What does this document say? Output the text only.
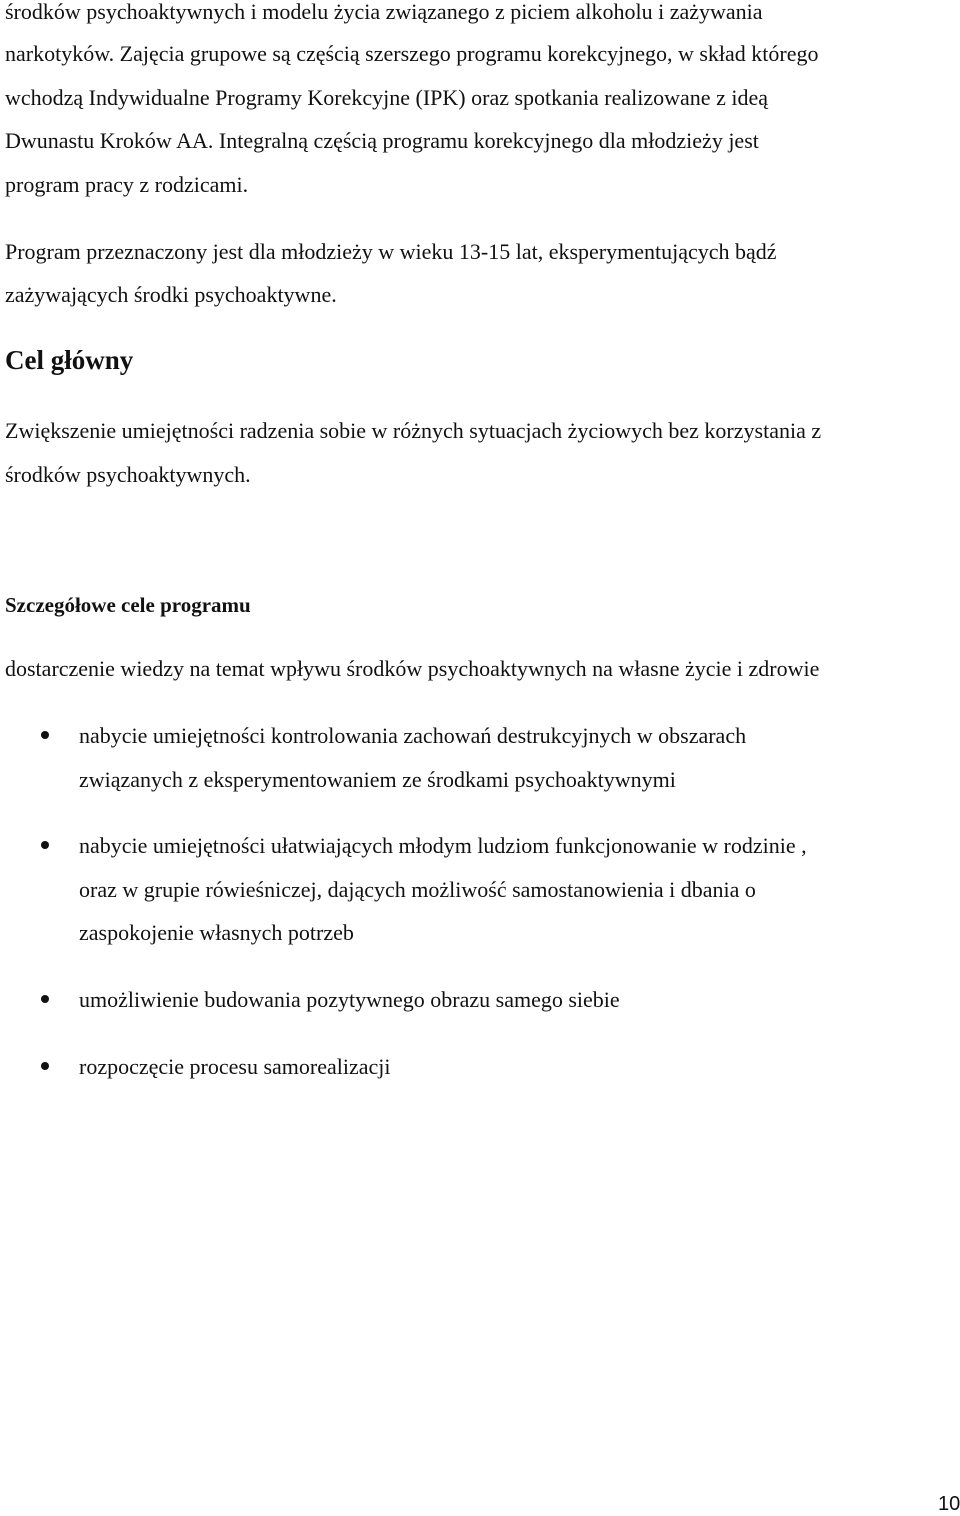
środków psychoaktywnych i modelu życia związanego z piciem alkoholu i zażywania
narkotyków. Zajęcia grupowe są częścią szerszego programu korekcyjnego, w skład którego
wchodzą Indywidualne Programy Korekcyjne (IPK) oraz spotkania realizowane z ideą
Dwunastu Kroków AA. Integralną częścią programu korekcyjnego dla młodzieży jest
program pracy z rodzicami.
Program przeznaczony jest dla młodzieży w wieku 13-15 lat, eksperymentujących bądź
zażywających środki psychoaktywne.
Cel główny
Zwiększenie umiejętności radzenia sobie w różnych sytuacjach życiowych bez korzystania z
środków psychoaktywnych.
Szczegółowe cele programu
dostarczenie wiedzy na temat wpływu środków psychoaktywnych na własne życie i zdrowie
nabycie umiejętności kontrolowania zachowań destrukcyjnych w obszarach
związanych z eksperymentowaniem ze środkami psychoaktywnymi
nabycie umiejętności ułatwiających młodym ludziom funkcjonowanie w rodzinie ,
oraz w grupie rówieśniczej, dających możliwość samostanowienia i dbania o
zaspokojenie własnych potrzeb
umożliwienie budowania pozytywnego obrazu samego siebie
rozpoczęcie procesu samorealizacji
10
